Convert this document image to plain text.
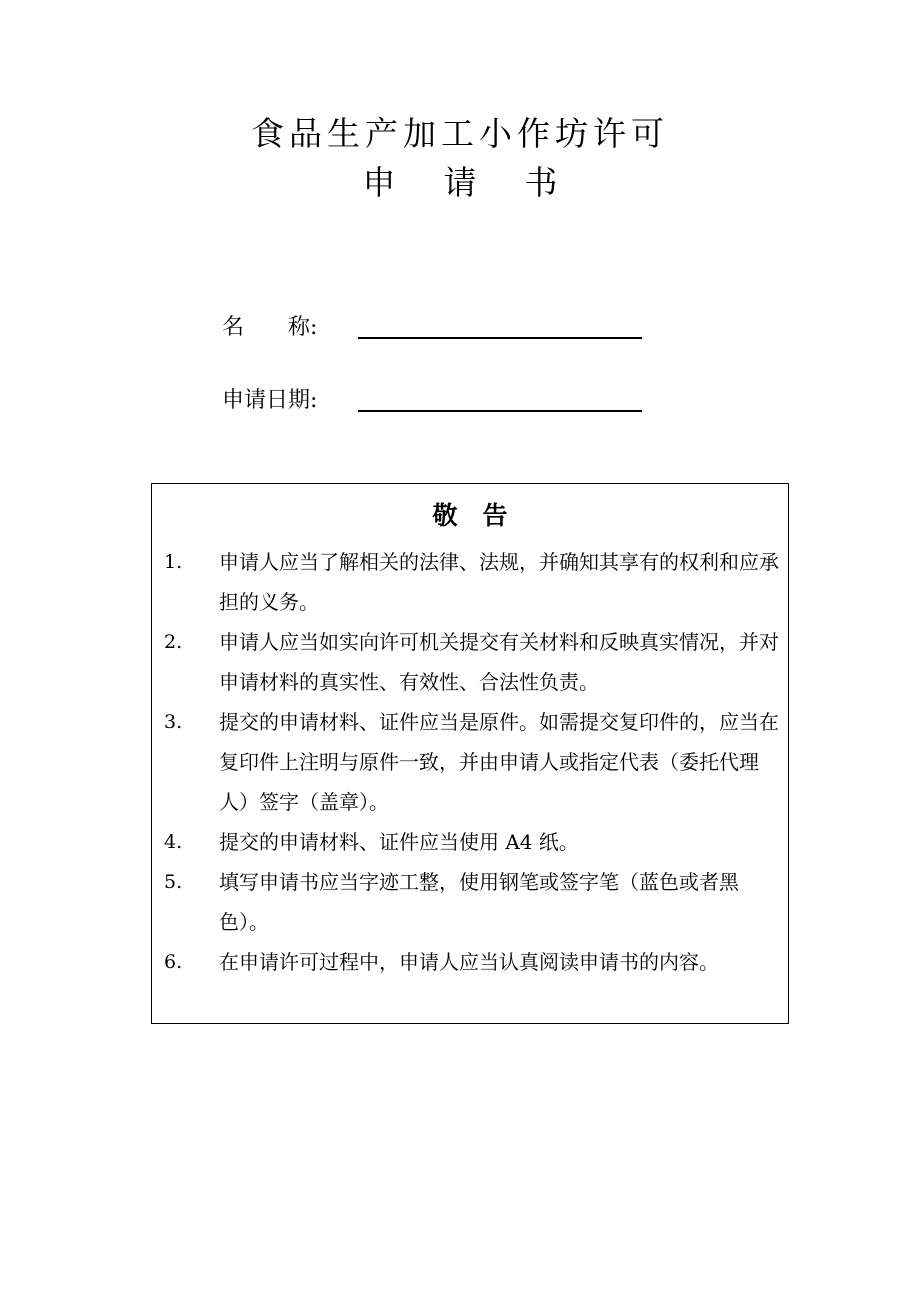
食品生产加工小作坊许可
申请书
名　　称:
申请日期:
敬　告
1. 申请人应当了解相关的法律、法规，并确知其享有的权利和应承担的义务。
2. 申请人应当如实向许可机关提交有关材料和反映真实情况，并对申请材料的真实性、有效性、合法性负责。
3. 提交的申请材料、证件应当是原件。如需提交复印件的，应当在复印件上注明与原件一致，并由申请人或指定代表（委托代理人）签字（盖章）。
4. 提交的申请材料、证件应当使用 A4 纸。
5. 填写申请书应当字迹工整，使用钢笔或签字笔（蓝色或者黑色）。
6. 在申请许可过程中，申请人应当认真阅读申请书的内容。
